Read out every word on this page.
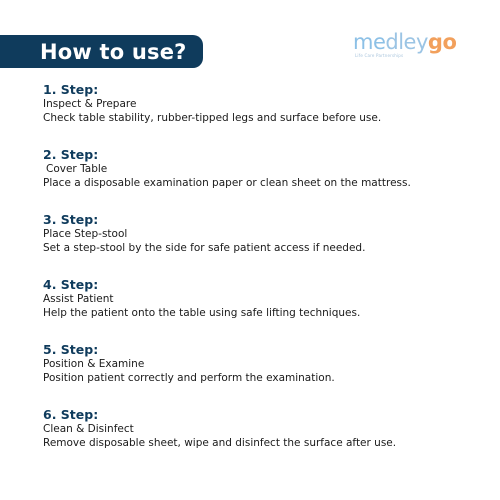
How to use?	medleygo
Life Care Partnerships
1. Step:
Inspect & Prepare
Check table stability, rubber-tipped legs and surface before use.
2. Step:
Cover Table
Place a disposable examination paper or clean sheet on the mattress.
3. Step:
Place Step-stool
Set a step-stool by the side for safe patient access if needed.
4. Step:
Assist Patient
Help the patient onto the table using safe lifting techniques.
5. Step:
Position & Examine
Position patient correctly and perform the examination.
6. Step:
Clean & Disinfect
Remove disposable sheet, wipe and disinfect the surface after use.
